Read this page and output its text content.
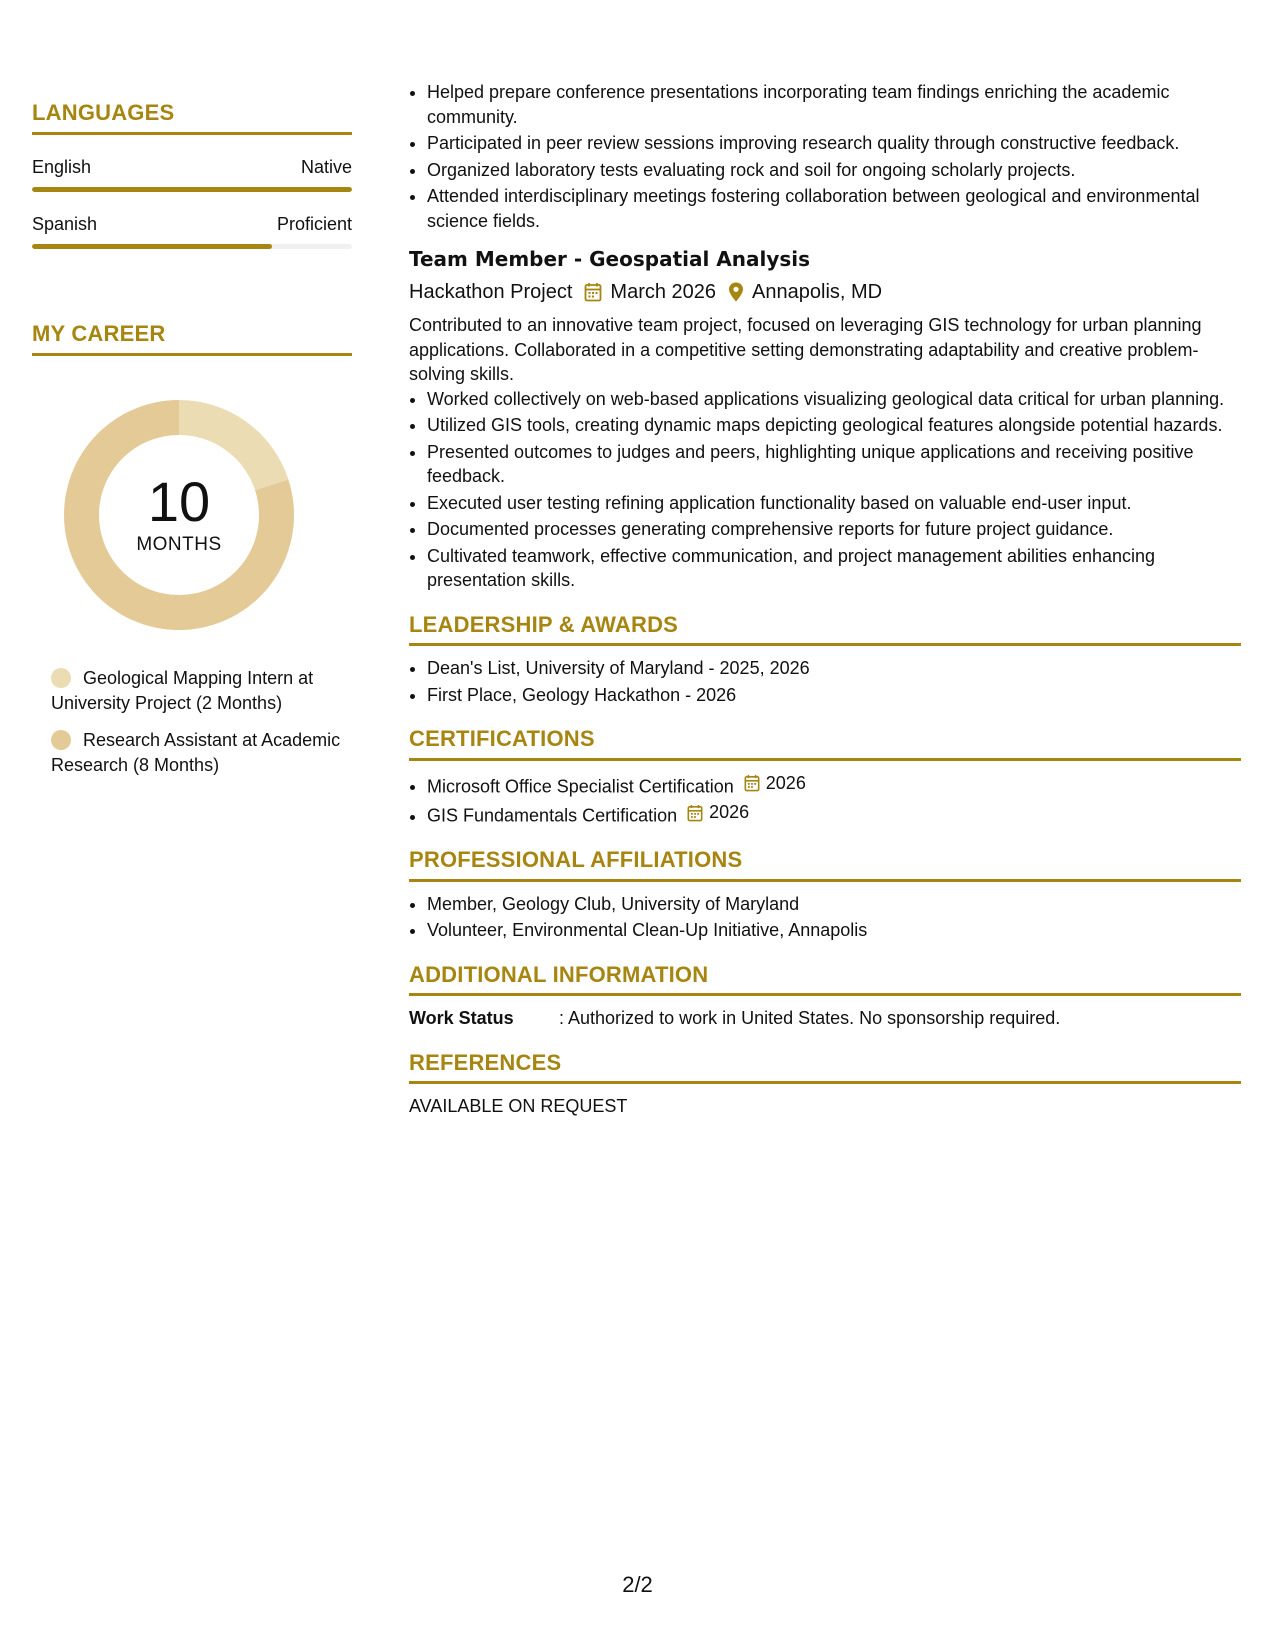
LANGUAGES
English	Native
Spanish	Proficient
MY CAREER
10
MONTHS
Geological Mapping Intern at University Project (2 Months)
Research Assistant at Academic Research (8 Months)
• Helped prepare conference presentations incorporating team findings enriching the academic community.
• Participated in peer review sessions improving research quality through constructive feedback.
• Organized laboratory tests evaluating rock and soil for ongoing scholarly projects.
• Attended interdisciplinary meetings fostering collaboration between geological and environmental science fields.
Team Member - Geospatial Analysis
Hackathon Project March 2026 Annapolis, MD
Contributed to an innovative team project, focused on leveraging GIS technology for urban planning applications. Collaborated in a competitive setting demonstrating adaptability and creative problem-solving skills.
• Worked collectively on web-based applications visualizing geological data critical for urban planning.
• Utilized GIS tools, creating dynamic maps depicting geological features alongside potential hazards.
• Presented outcomes to judges and peers, highlighting unique applications and receiving positive feedback.
• Executed user testing refining application functionality based on valuable end-user input.
• Documented processes generating comprehensive reports for future project guidance.
• Cultivated teamwork, effective communication, and project management abilities enhancing presentation skills.
LEADERSHIP & AWARDS
• Dean's List, University of Maryland - 2025, 2026
• First Place, Geology Hackathon - 2026
CERTIFICATIONS
• Microsoft Office Specialist Certification 2026
• GIS Fundamentals Certification 2026
PROFESSIONAL AFFILIATIONS
• Member, Geology Club, University of Maryland
• Volunteer, Environmental Clean-Up Initiative, Annapolis
ADDITIONAL INFORMATION
Work Status	: Authorized to work in United States. No sponsorship required.
REFERENCES
AVAILABLE ON REQUEST
2/2
